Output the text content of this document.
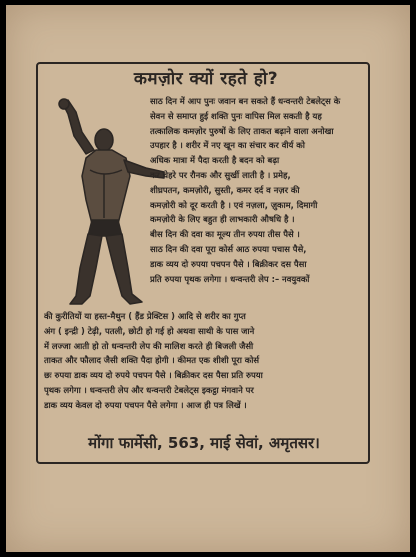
कमज़ोर क्यों रहते हो?
साठ दिन में आप पुनः जवान बन सकते हैं धन्वन्तरी टेबलेट्स के
सेवन से समाप्त हुई शक्ति पुनः वापिस मिल सकती है यह
तत्कालिक कमज़ोर पुरुषों के लिए ताकत बढ़ाने वाला अनोखा
उपहार है । शरीर में नए खून का संचार कर वीर्य को
अधिक मात्रा में पैदा करती है बदन को बढ़ा
कर चेहरे पर रौनक और सुर्खी लाती है । प्रमेह,
शीघ्रपतन, कमज़ोरी, सुस्ती, कमर दर्द व नज़र की
कमज़ोरी को दूर करती है । एवं नज़ला, ज़ुकाम, दिमागी
कमज़ोरी के लिए बहुत ही लाभकारी औषधि है ।
बीस दिन की दवा का मूल्य तीन रुपया तीस पैसे ।
साठ दिन की दवा पूरा कोर्स आठ रुपया पचास पैसे,
डाक व्यय दो रुपया पचपन पैसे । बिक्रीकर दस पैसा
प्रति रुपया पृथक लगेगा । धन्वन्तरी लेप :– नवयुवकों
की कुरीतियों या हस्त-मैथुन ( हैंड प्रेक्टिस ) आदि से शरीर का गुप्त
अंग ( इन्द्री ) टेढ़ी, पतली, छोटी हो गई हो अथवा साथी के पास जाने
में लज्जा आती हो तो धन्वन्तरी लेप की मालिश करते ही बिजली जैसी
ताकत और फौलाद जैसी शक्ति पैदा होगी । कीमत एक शीशी पूरा कोर्स
छः रुपया डाक व्यय दो रुपये पचपन पैसे । बिक्रीकर दस पैसा प्रति रुपया
पृथक लगेगा । धन्वन्तरी लेप और धन्वन्तरी टेबलेट्स इकट्ठा मंगवाने पर
डाक व्यय केवल दो रुपया पचपन पैसे लगेगा । आज ही पत्र लिखें ।
मोंगा फार्मेसी, 563, माई सेवां, अमृतसर।
